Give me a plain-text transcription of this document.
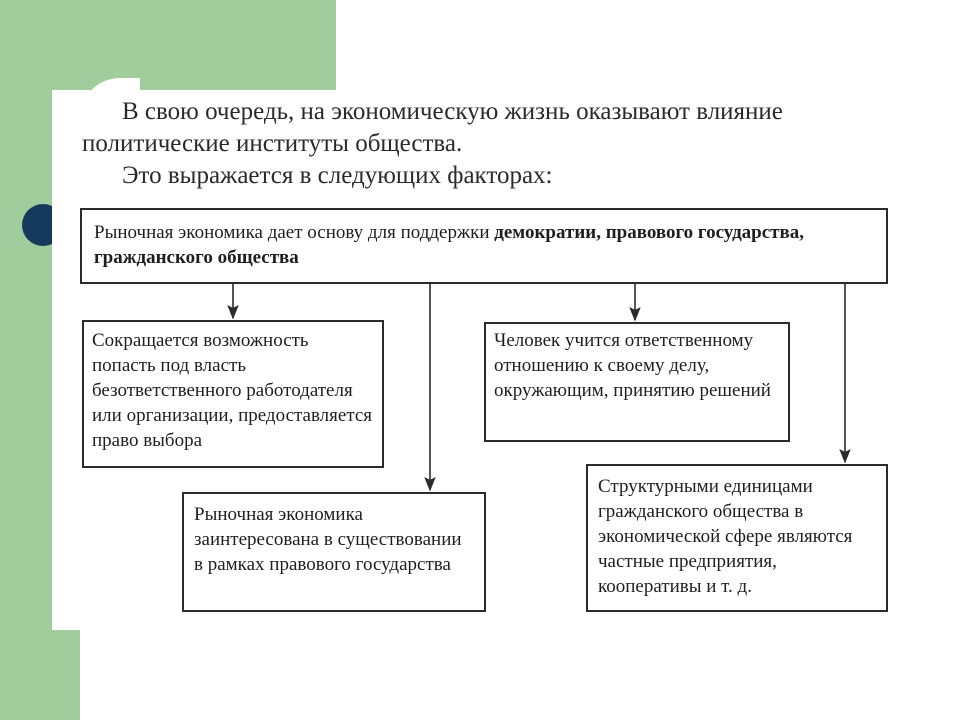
В свою очередь, на экономическую жизнь оказывают влияние политические институты общества.

Это выражается в следующих факторах:

Рыночная экономика дает основу для поддержки демократии, правового государства, гражданского общества
Сокращается возможность попасть под власть безответственного работодателя или организации, предоставляется право выбора
Человек учится ответственному отношению к своему делу, окружающим, принятию решений
Рыночная экономика заинтересована в существовании в рамках правового государства
Структурными единицами гражданского общества в экономической сфере являются частные предприятия, кооперативы и т. д.
